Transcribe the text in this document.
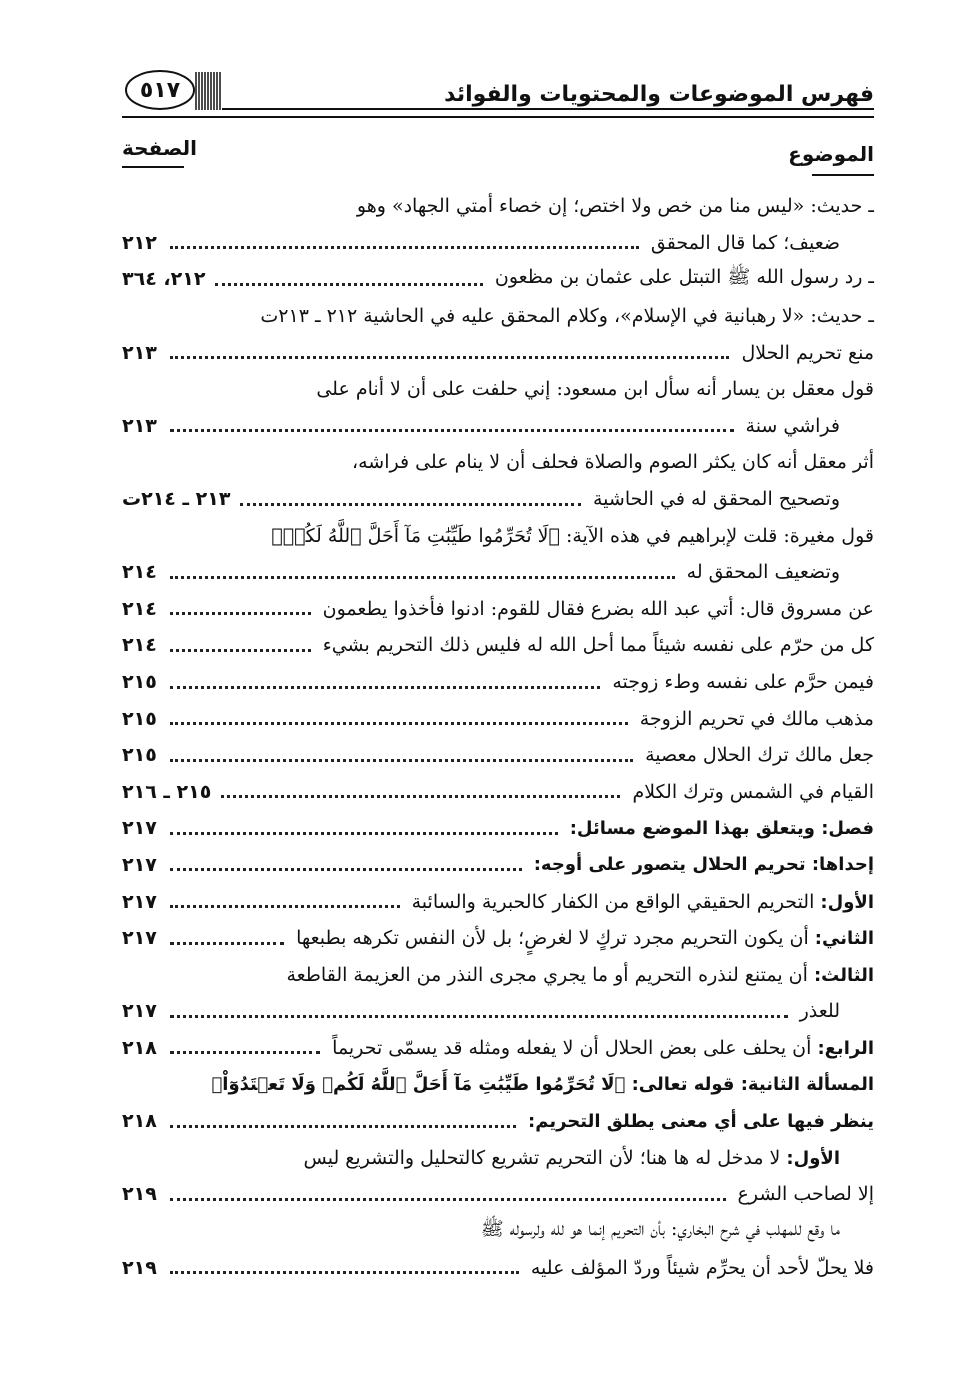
فهرس الموضوعات والمحتويات والفوائد
٥١٧
الموضوع
الصفحة
ـ حديث: «ليس منا من خص ولا اختص؛ إن خصاء أمتي الجهاد» وهو
ضعيف؛ كما قال المحقق
٢١٢
ـ رد رسول الله ﷺ التبتل على عثمان بن مظعون
٢١٢، ٣٦٤
ـ حديث: «لا رهبانية في الإسلام»، وكلام المحقق عليه في الحاشية ٢١٢ ـ ٢١٣ت
منع تحريم الحلال
٢١٣
قول معقل بن يسار أنه سأل ابن مسعود: إني حلفت على أن لا أنام على
فراشي سنة
٢١٣
أثر معقل أنه كان يكثر الصوم والصلاة فحلف أن لا ينام على فراشه،
وتصحيح المحقق له في الحاشية
٢١٣ ـ ٢١٤ت
قول مغيرة: قلت لإبراهيم في هذه الآية: ﴿لَا تُحَرِّمُوا طَيِّبَٰتِ مَآ أَحَلَّ ٱللَّهُ لَكُمۡ﴾
وتضعيف المحقق له
٢١٤
عن مسروق قال: أتي عبد الله بضرع فقال للقوم: ادنوا فأخذوا يطعمون
٢١٤
كل من حرّم على نفسه شيئاً مما أحل الله له فليس ذلك التحريم بشيء
٢١٤
فيمن حرَّم على نفسه وطء زوجته
٢١٥
مذهب مالك في تحريم الزوجة
٢١٥
جعل مالك ترك الحلال معصية
٢١٥
القيام في الشمس وترك الكلام
٢١٥ ـ ٢١٦
فصل: ويتعلق بهذا الموضع مسائل:
٢١٧
إحداها: تحريم الحلال يتصور على أوجه:
٢١٧
الأول: التحريم الحقيقي الواقع من الكفار كالحبرية والسائبة
٢١٧
الثاني: أن يكون التحريم مجرد تركٍ لا لغرضٍ؛ بل لأن النفس تكرهه بطبعها
٢١٧
الثالث: أن يمتنع لنذره التحريم أو ما يجري مجرى النذر من العزيمة القاطعة
للعذر
٢١٧
الرابع: أن يحلف على بعض الحلال أن لا يفعله ومثله قد يسمّى تحريماً
٢١٨
المسألة الثانية: قوله تعالى: ﴿لَا تُحَرِّمُوا طَيِّبَٰتِ مَآ أَحَلَّ ٱللَّهُ لَكُمۡ وَلَا تَعۡتَدُوٓاْ﴾
ينظر فيها على أي معنى يطلق التحريم:
٢١٨
الأول: لا مدخل له ها هنا؛ لأن التحريم تشريع كالتحليل والتشريع ليس
إلا لصاحب الشرع
٢١٩
ما وقع للمهلب في شرح البخاري: بأن التحريم إنما هو لله ولرسوله ﷺ
فلا يحلّ لأحد أن يحرِّم شيئاً وردّ المؤلف عليه
٢١٩
